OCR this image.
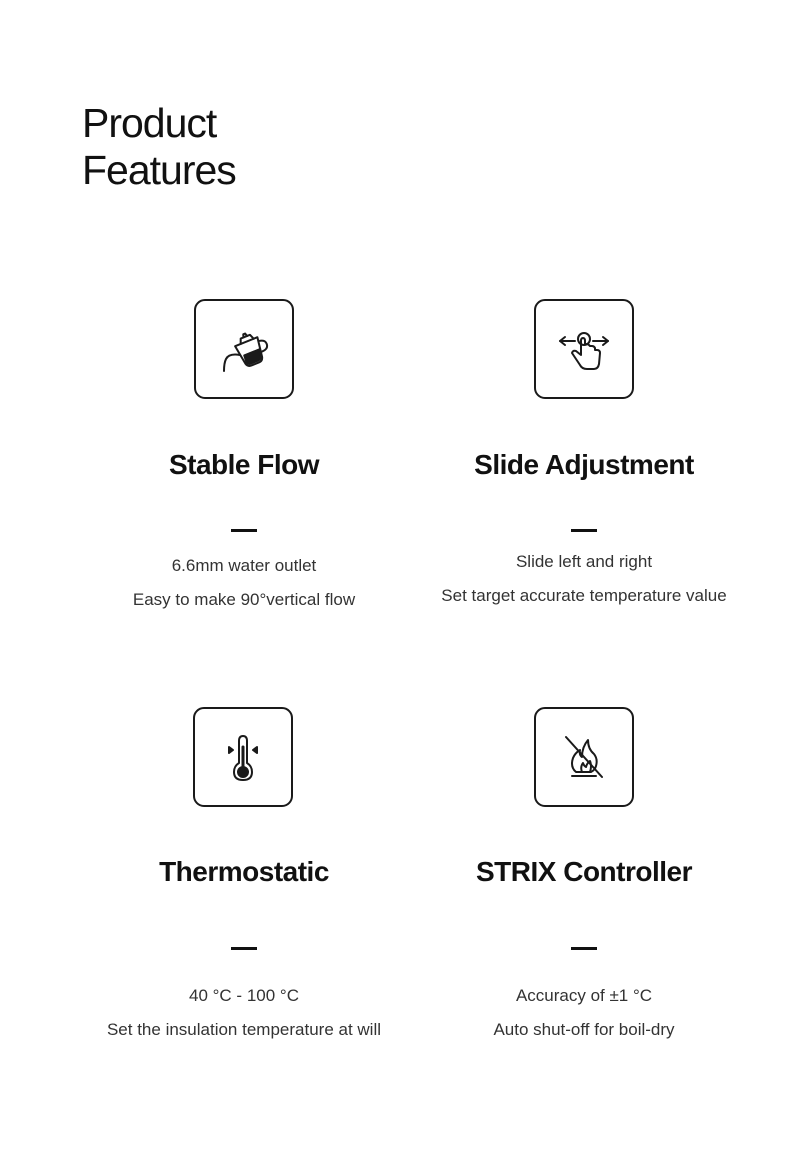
Product
Features
Stable Flow

6.6mm water outlet
Easy to make 90°vertical flow

Slide Adjustment

Slide left and right
Set target accurate temperature value

Thermostatic

40 °C - 100 °C
Set the insulation temperature at will

STRIX Controller

Accuracy of ±1 °C
Auto shut-off for boil-dry
